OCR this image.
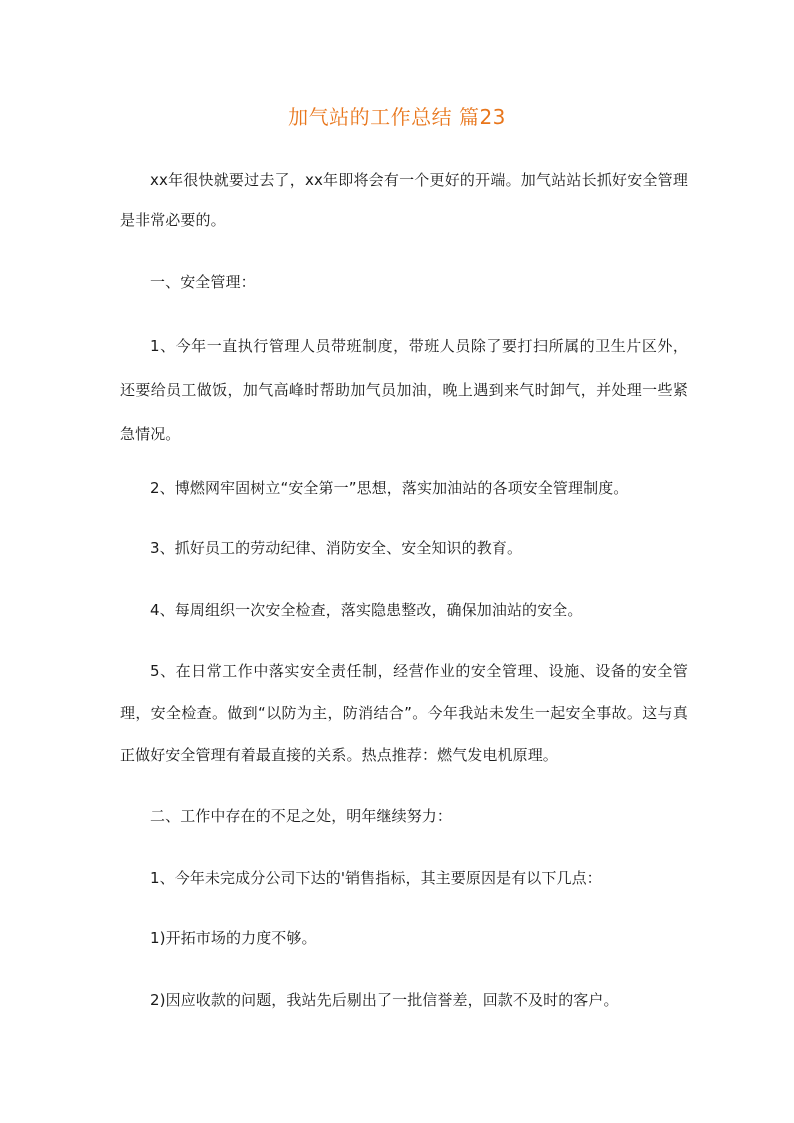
加气站的工作总结 篇23
xx年很快就要过去了，xx年即将会有一个更好的开端。加气站站长抓好安全管理是非常必要的。
一、安全管理：
1、今年一直执行管理人员带班制度，带班人员除了要打扫所属的卫生片区外，还要给员工做饭，加气高峰时帮助加气员加油，晚上遇到来气时卸气，并处理一些紧急情况。
2、博燃网牢固树立“安全第一”思想，落实加油站的各项安全管理制度。
3、抓好员工的劳动纪律、消防安全、安全知识的教育。
4、每周组织一次安全检查，落实隐患整改，确保加油站的安全。
5、在日常工作中落实安全责任制，经营作业的安全管理、设施、设备的安全管理，安全检查。做到“以防为主，防消结合”。今年我站未发生一起安全事故。这与真正做好安全管理有着最直接的关系。热点推荐：燃气发电机原理。
二、工作中存在的不足之处，明年继续努力：
1、今年未完成分公司下达的'销售指标，其主要原因是有以下几点：
1)开拓市场的力度不够。
2)因应收款的问题，我站先后剔出了一批信誉差，回款不及时的客户。
